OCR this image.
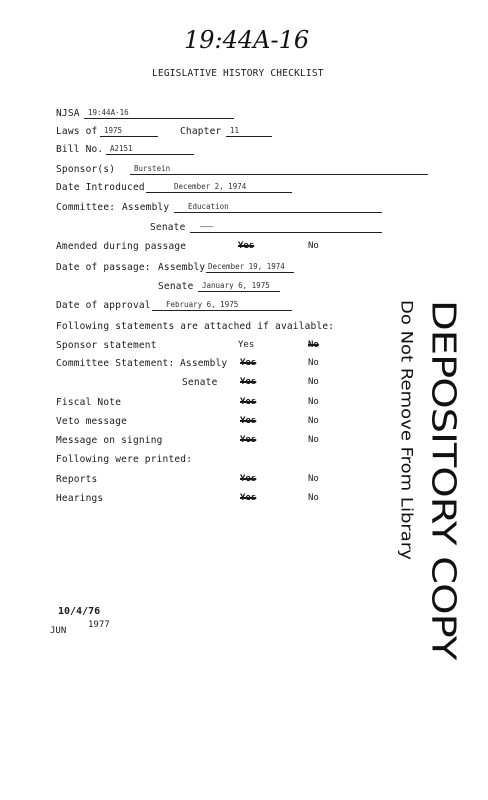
19:44A-16
LEGISLATIVE HISTORY CHECKLIST
NJSA	19:44A-16
Laws of 1975	Chapter	11
Bill No. A2151
Sponsor(s)	Burstein
Date Introduced	December 2, 1974
Committee: Assembly	Education
Senate	———
Amended during passage	Yes	No
Date of passage: Assembly December 19, 1974
Senate	January 6, 1975
Date of approval	February 6, 1975
Following statements are attached if available:
Sponsor statement	Yes	No
Committee Statement: Assembly Yes	No
Senate Yes	No
Fiscal Note	Yes	No
Veto message	Yes	No
Message on signing	Yes	No
Following were printed:
Reports	Yes	No
Hearings	Yes	No	DEPOSITORY COPY
Do Not Remove From Library
10/4/76
JUN
1977
